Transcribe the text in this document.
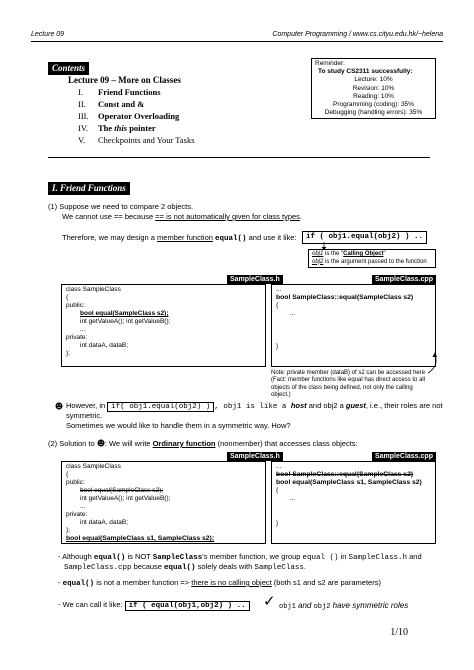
Lecture 09	Computer Programming / www.cs.cityu.edu.hk/~helena
Contents
Lecture 09 – More on Classes
I.	Friend Functions
II.	Const and &
III.	Operator Overloading
IV.	The this pointer
V.	Checkpoints and Your Tasks
Reminder:
To study CS2311 successfully:
Lecture: 10%
Revision: 10%
Reading: 10%
Programming (coding): 35%
Debugging (handling errors): 35%
I. Friend Functions
(1) Suppose we need to compare 2 objects.
We cannot use == because == is not automatically given for class types.
Therefore, we may design a member function equal() and use it like:	if ( obj1.equal(obj2) ) ..
obj1 is the "Calling Object"
obj2 is the argument passed to the function
SampleClass.h
class SampleClass
{
public:
bool equal(SampleClass s2);
int getValueA(); int getValueB();
...
private:
int dataA, dataB;
};
SampleClass.cpp
...
bool SampleClass::equal(SampleClass s2)
{
...
}
Note: private member (dataB) of s2 can be accessed here
(Fact: member functions like equal has direct access to all
objects of the class being defined, not only the calling
object.)
However, in if( obj1.equal(obj2) ) , obj1 is like a host and obj2 a guest, i.e., their roles are not
symmetric.
Sometimes we would like to handle them in a symmetric way. How?
(2) Solution to : We will write Ordinary function (nonmember) that accesses class objects:
SampleClass.h
class SampleClass
{
public:
bool equal(SampleClass s2);
int getValueA(); int getValueB();
...
private:
int dataA, dataB;
};
bool equal(SampleClass s1, SampleClass s2);
SampleClass.cpp
...
bool SampleClass::equal(SampleClass s2)
bool equal(SampleClass s1, SampleClass s2)
{
...
}
- Although equal() is NOT SampleClass's member function, we group equal () in SampleClass.h and
SampleClass.cpp because equal() solely deals with SampleClass.
- equal() is not a member function => there is no calling object (both s1 and s2 are parameters)
- We can call it like: if ( equal(obj1,obj2) ) .. ✓ obj1 and obj2 have symmetric roles
1/10
